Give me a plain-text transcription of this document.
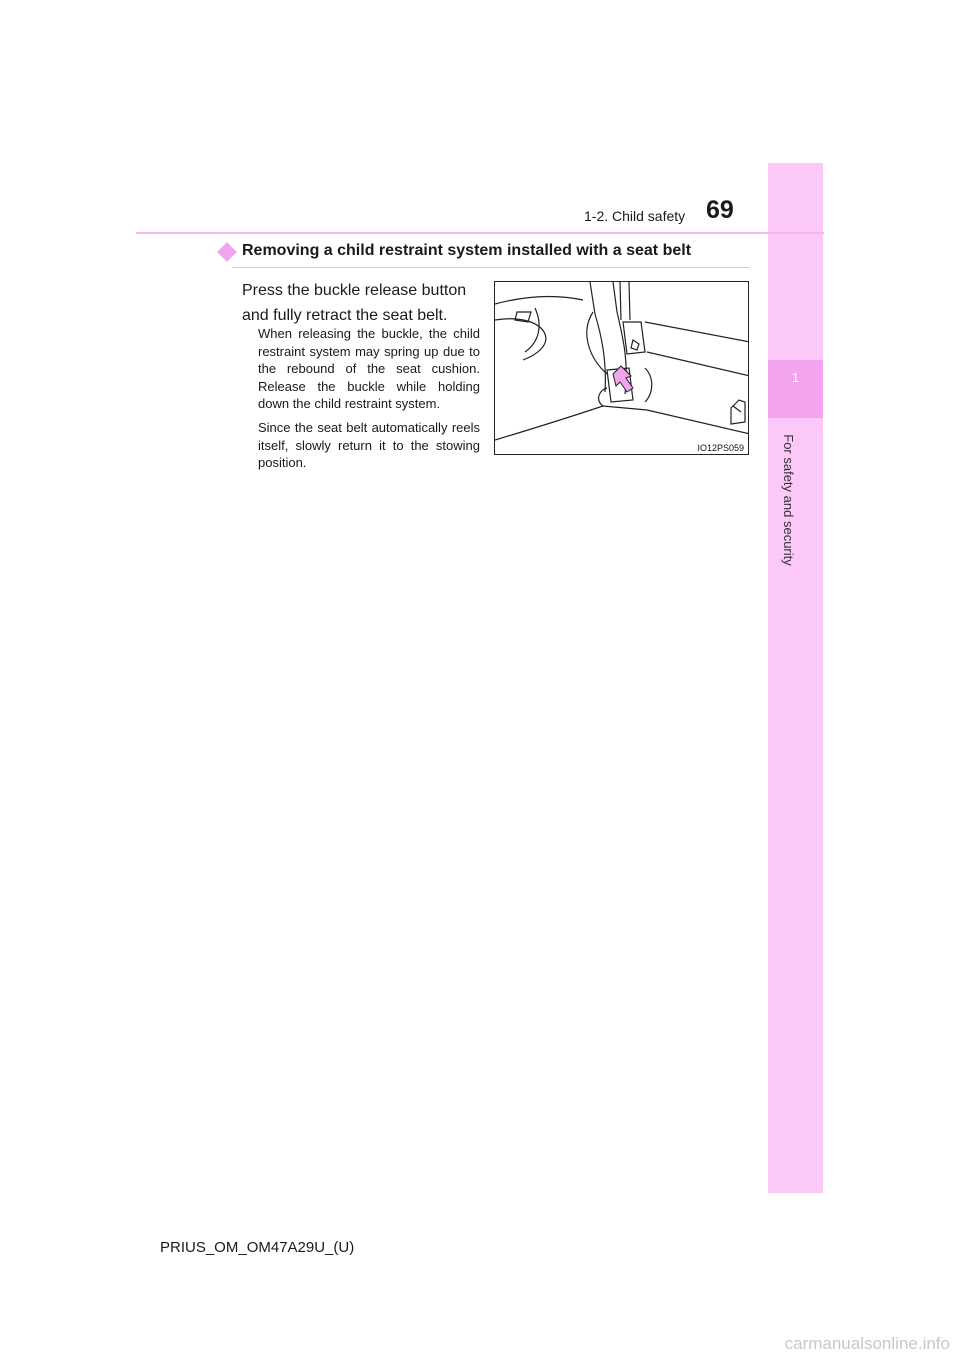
1
For safety and security
1-2. Child safety 69
Removing a child restraint system installed with a seat belt
Press the buckle release button and fully retract the seat belt.
When releasing the buckle, the child restraint system may spring up due to the rebound of the seat cushion. Release the buckle while holding down the child restraint system.
Since the seat belt automatically reels itself, slowly return it to the stowing position.
IO12PS059
PRIUS_OM_OM47A29U_(U)
carmanualsonline.info
